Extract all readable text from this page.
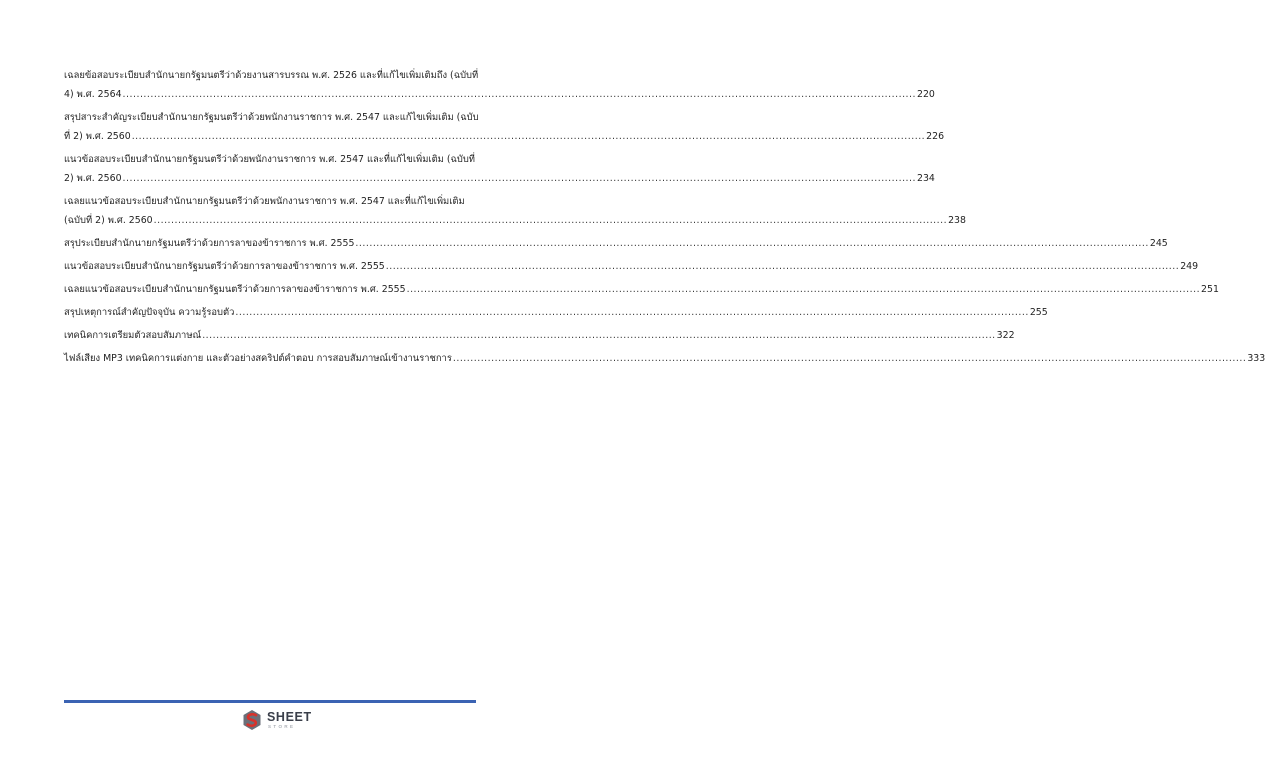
เฉลยข้อสอบระเบียบสำนักนายกรัฐมนตรีว่าด้วยงานสารบรรณ พ.ศ. 2526 และที่แก้ไขเพิ่มเติมถึง (ฉบับที่
4) พ.ศ. 2564 .....	220
สรุปสาระสำคัญระเบียบสำนักนายกรัฐมนตรีว่าด้วยพนักงานราชการ พ.ศ. 2547 และแก้ไขเพิ่มเติม (ฉบับ
ที่ 2) พ.ศ. 2560 .....	226
แนวข้อสอบระเบียบสำนักนายกรัฐมนตรีว่าด้วยพนักงานราชการ พ.ศ. 2547 และที่แก้ไขเพิ่มเติม (ฉบับที่
2) พ.ศ. 2560 .....	234
เฉลยแนวข้อสอบระเบียบสำนักนายกรัฐมนตรีว่าด้วยพนักงานราชการ พ.ศ. 2547 และที่แก้ไขเพิ่มเติม
(ฉบับที่ 2) พ.ศ. 2560 .....	238
สรุประเบียบสำนักนายกรัฐมนตรีว่าด้วยการลาของข้าราชการ พ.ศ. 2555 .....	245
แนวข้อสอบระเบียบสำนักนายกรัฐมนตรีว่าด้วยการลาของข้าราชการ พ.ศ. 2555 .....	249
เฉลยแนวข้อสอบระเบียบสำนักนายกรัฐมนตรีว่าด้วยการลาของข้าราชการ พ.ศ. 2555 .....	251
สรุปเหตุการณ์สำคัญปัจจุบัน ความรู้รอบตัว .....	255
เทคนิคการเตรียมตัวสอบสัมภาษณ์ .....	322
ไฟล์เสียง MP3 เทคนิคการแต่งกาย และตัวอย่างสคริปต์คำตอบ การสอบสัมภาษณ์เข้างานราชการ .....	333
SHEET
STORE
